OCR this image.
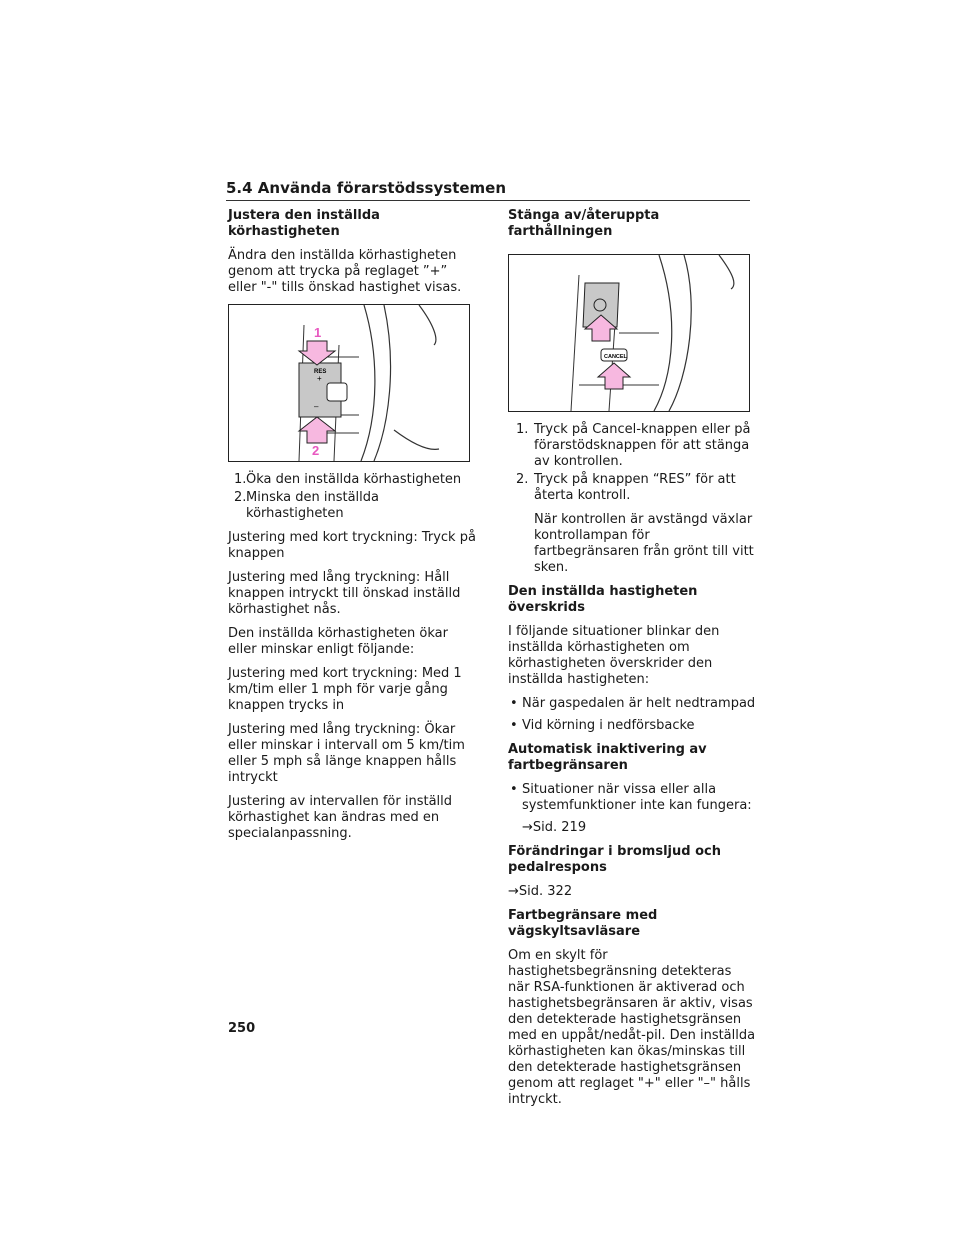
5.4 Använda förarstödssystemen
Justera den inställda körhastigheten

Ändra den inställda körhastigheten genom att trycka på reglaget ”+” eller "-" tills önskad hastighet visas.

RES
+
–
1
2
1. Öka den inställda körhastigheten
2. Minska den inställda körhastigheten

Justering med kort tryckning: Tryck på knappen

Justering med lång tryckning: Håll knappen intryckt till önskad inställd körhastighet nås.

Den inställda körhastigheten ökar eller minskar enligt följande:

Justering med kort tryckning: Med 1 km/tim eller 1 mph för varje gång knappen trycks in

Justering med lång tryckning: Ökar eller minskar i intervall om 5 km/tim eller 5 mph så länge knappen hålls intryckt

Justering av intervallen för inställd körhastighet kan ändras med en specialanpassning.

Stänga av/återuppta farthållningen
CANCEL
1. Tryck på Cancel-knappen eller på förarstödsknappen för att stänga av kontrollen.
2. Tryck på knappen “RES” för att återta kontroll.

När kontrollen är avstängd växlar kontrollampan för fartbegränsaren från grönt till vitt sken.

Den inställda hastigheten överskrids

I följande situationer blinkar den inställda körhastigheten om körhastigheten överskrider den inställda hastigheten:

• När gaspedalen är helt nedtrampad
• Vid körning i nedförsbacke
Automatisk inaktivering av fartbegränsaren
• Situationer när vissa eller alla systemfunktioner inte kan fungera:

→Sid. 219

Förändringar i bromsljud och pedalrespons

→Sid. 322

Fartbegränsare med vägskyltsavläsare

Om en skylt för hastighetsbegränsning detekteras när RSA-funktionen är aktiverad och hastighetsbegränsaren är aktiv, visas den detekterade hastighetsgränsen med en uppåt/nedåt-pil. Den inställda körhastigheten kan ökas/minskas till den detekterade hastighetsgränsen genom att reglaget "+" eller "–" hålls intryckt.

250
